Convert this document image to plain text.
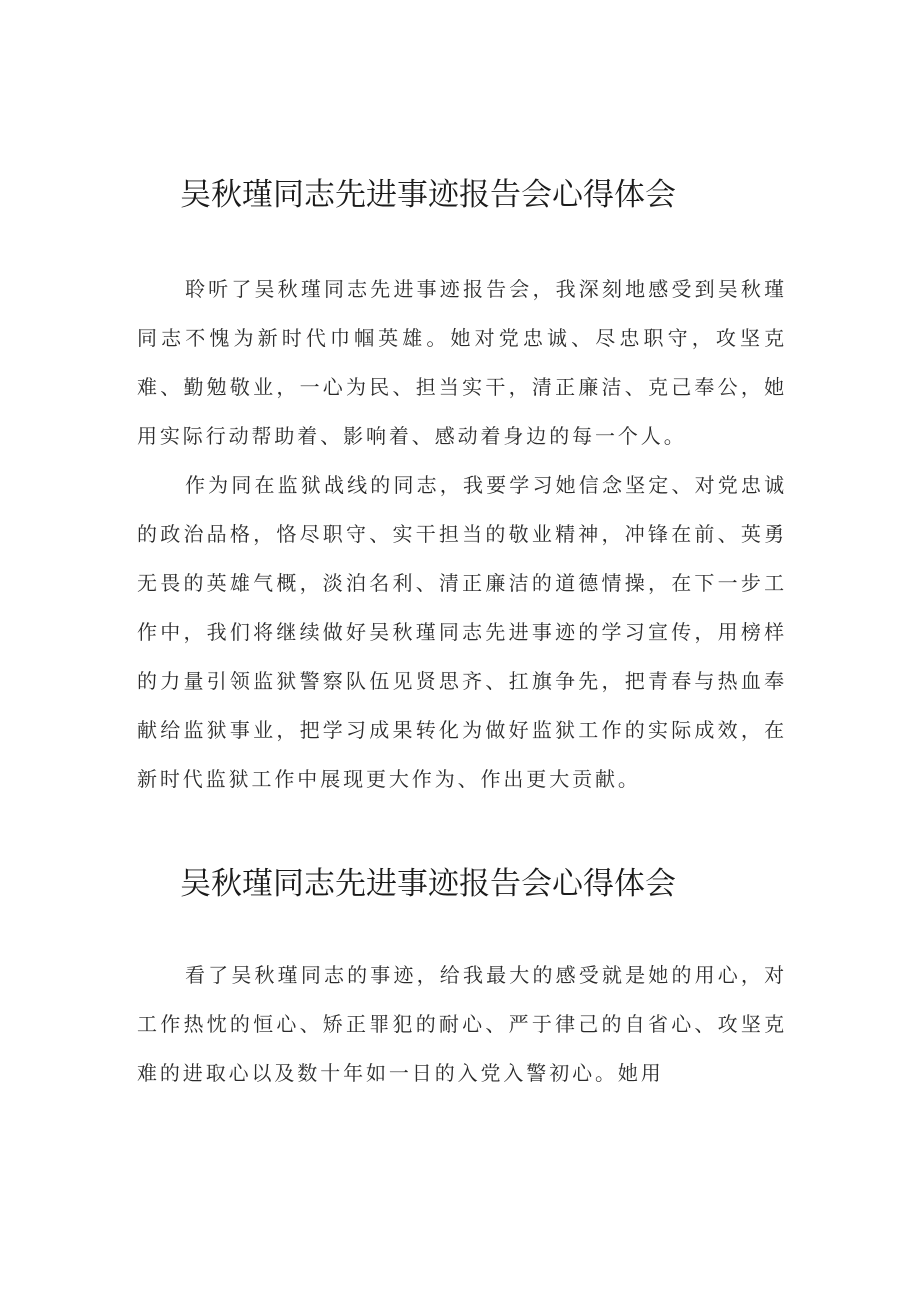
吴秋瑾同志先进事迹报告会心得体会

聆听了吴秋瑾同志先进事迹报告会，我深刻地感受到吴秋瑾同志不愧为新时代巾帼英雄。她对党忠诚、尽忠职守，攻坚克难、勤勉敬业，一心为民、担当实干，清正廉洁、克己奉公，她用实际行动帮助着、影响着、感动着身边的每一个人。

作为同在监狱战线的同志，我要学习她信念坚定、对党忠诚的政治品格，恪尽职守、实干担当的敬业精神，冲锋在前、英勇无畏的英雄气概，淡泊名利、清正廉洁的道德情操，在下一步工作中，我们将继续做好吴秋瑾同志先进事迹的学习宣传，用榜样的力量引领监狱警察队伍见贤思齐、扛旗争先，把青春与热血奉献给监狱事业，把学习成果转化为做好监狱工作的实际成效，在新时代监狱工作中展现更大作为、作出更大贡献。

吴秋瑾同志先进事迹报告会心得体会

看了吴秋瑾同志的事迹，给我最大的感受就是她的用心，对工作热忱的恒心、矫正罪犯的耐心、严于律己的自省心、攻坚克难的进取心以及数十年如一日的入党入警初心。她用
